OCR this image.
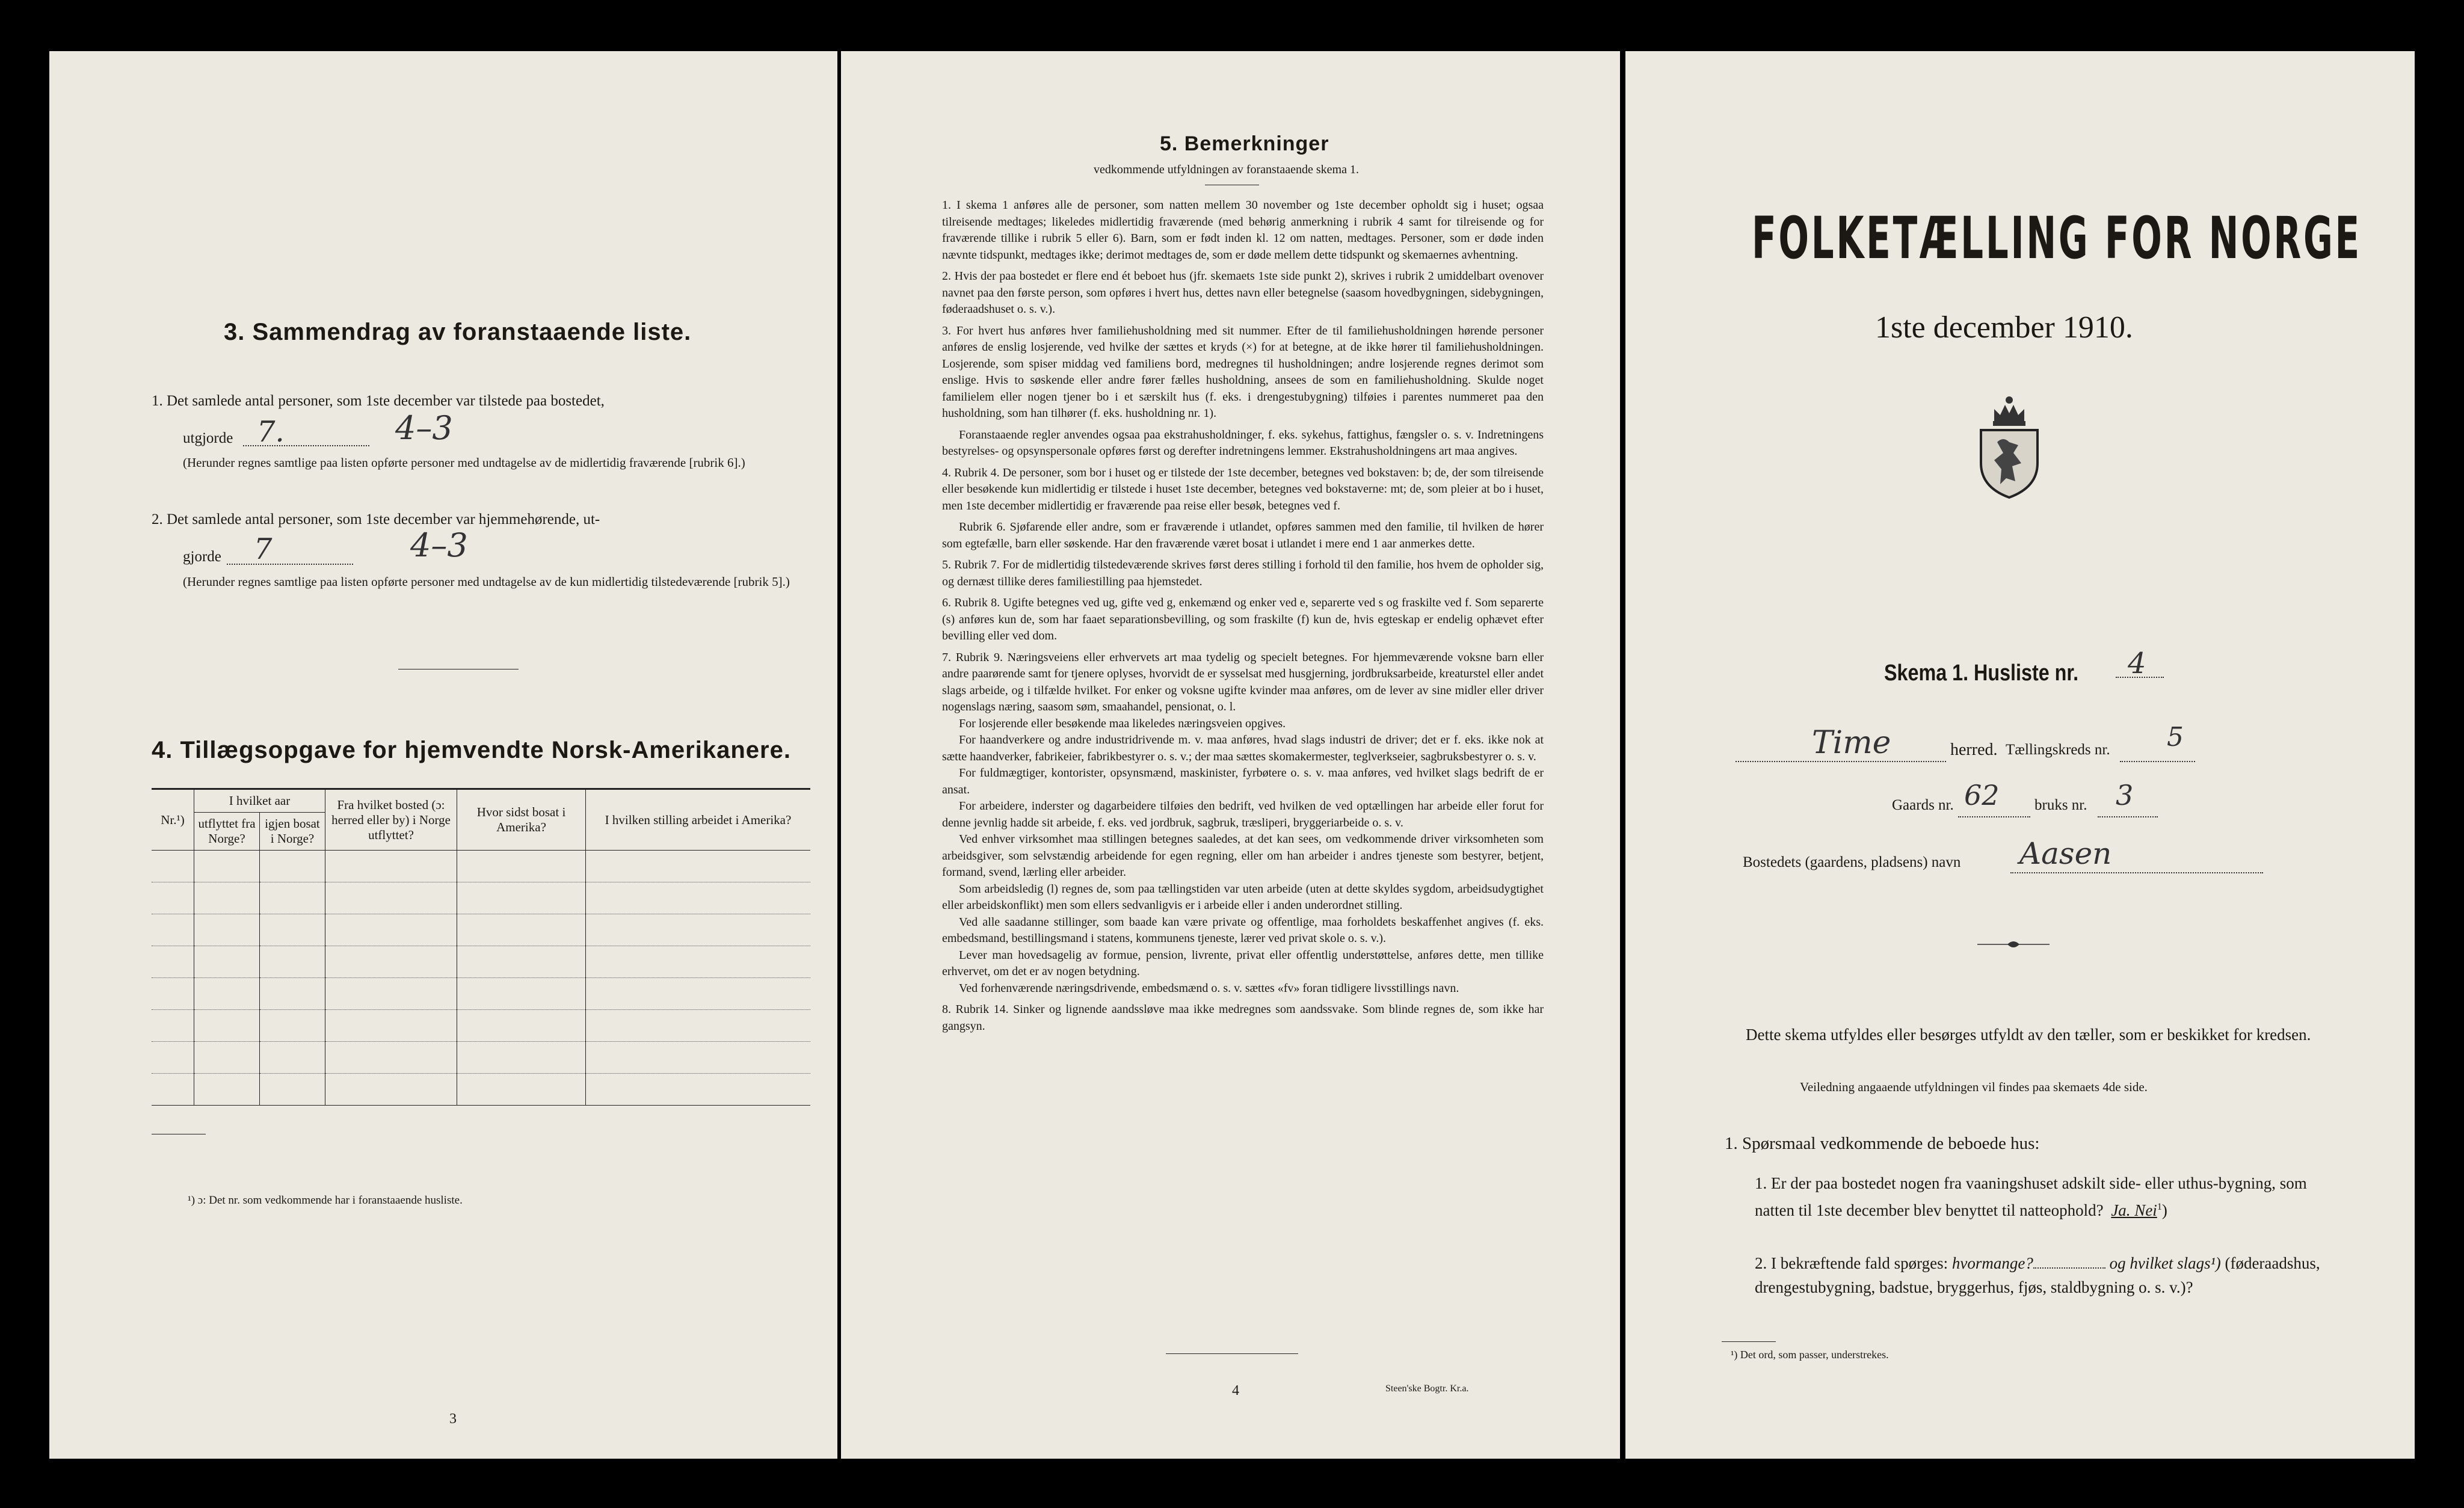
3. Sammendrag av foranstaaende liste.
1. Det samlede antal personer, som 1ste december var tilstede paa bostedet,
utgjorde 7.	4–3
(Herunder regnes samtlige paa listen opførte personer med undtagelse av de midlertidig fraværende [rubrik 6].)
2. Det samlede antal personer, som 1ste december var hjemmehørende, ut-
gjorde 7	4–3
(Herunder regnes samtlige paa listen opførte personer med undtagelse av de kun midlertidig tilstedeværende [rubrik 5].)
4. Tillægsopgave for hjemvendte Norsk-Amerikanere.
Nr.¹)	I hvilket aar		Fra hvilket bosted (ɔ: herred eller by) i Norge utflyttet?	Hvor sidst bosat i Amerika?	I hvilken stilling arbeidet i Amerika?
	utflyttet fra Norge?	igjen bosat i Norge?			

¹) ɔ: Det nr. som vedkommende har i foranstaaende husliste.
3
5. Bemerkninger
vedkommende utfyldningen av foranstaaende skema 1.

1. I skema 1 anføres alle de personer, som natten mellem 30 november og 1ste december opholdt sig i huset; ogsaa tilreisende medtages; likeledes midlertidig fraværende (med behørig anmerkning i rubrik 4 samt for tilreisende og for fraværende tillike i rubrik 5 eller 6). Barn, som er født inden kl. 12 om natten, medtages. Personer, som er døde inden nævnte tidspunkt, medtages ikke; derimot medtages de, som er døde mellem dette tidspunkt og skemaernes avhentning.

2. Hvis der paa bostedet er flere end ét beboet hus (jfr. skemaets 1ste side punkt 2), skrives i rubrik 2 umiddelbart ovenover navnet paa den første person, som opføres i hvert hus, dettes navn eller betegnelse (saasom hovedbygningen, sidebygningen, føderaadshuset o. s. v.).

3. For hvert hus anføres hver familiehusholdning med sit nummer. Efter de til familiehusholdningen hørende personer anføres de enslig losjerende, ved hvilke der sættes et kryds (×) for at betegne, at de ikke hører til familiehusholdningen. Losjerende, som spiser middag ved familiens bord, medregnes til husholdningen; andre losjerende regnes derimot som enslige. Hvis to søskende eller andre fører fælles husholdning, ansees de som en familiehusholdning. Skulde noget familielem eller nogen tjener bo i et særskilt hus (f. eks. i drengestubygning) tilføies i parentes nummeret paa den husholdning, som han tilhører (f. eks. husholdning nr. 1).

Foranstaaende regler anvendes ogsaa paa ekstrahusholdninger, f. eks. sykehus, fattighus, fængsler o. s. v. Indretningens bestyrelses- og opsynspersonale opføres først og derefter indretningens lemmer. Ekstrahusholdningens art maa angives.

4. Rubrik 4. De personer, som bor i huset og er tilstede der 1ste december, betegnes ved bokstaven: b; de, der som tilreisende eller besøkende kun midlertidig er tilstede i huset 1ste december, betegnes ved bokstaverne: mt; de, som pleier at bo i huset, men 1ste december midlertidig er fraværende paa reise eller besøk, betegnes ved f.

Rubrik 6. Sjøfarende eller andre, som er fraværende i utlandet, opføres sammen med den familie, til hvilken de hører som egtefælle, barn eller søskende. Har den fraværende været bosat i utlandet i mere end 1 aar anmerkes dette.

5. Rubrik 7. For de midlertidig tilstedeværende skrives først deres stilling i forhold til den familie, hos hvem de opholder sig, og dernæst tillike deres familiestilling paa hjemstedet.

6. Rubrik 8. Ugifte betegnes ved ug, gifte ved g, enkemænd og enker ved e, separerte ved s og fraskilte ved f. Som separerte (s) anføres kun de, som har faaet separationsbevilling, og som fraskilte (f) kun de, hvis egteskap er endelig ophævet efter bevilling eller ved dom.

7. Rubrik 9. Næringsveiens eller erhvervets art maa tydelig og specielt betegnes. For hjemmeværende voksne barn eller andre paarørende samt for tjenere oplyses, hvorvidt de er sysselsat med husgjerning, jordbruksarbeide, kreaturstel eller andet slags arbeide, og i tilfælde hvilket. For enker og voksne ugifte kvinder maa anføres, om de lever av sine midler eller driver nogenslags næring, saasom søm, smaahandel, pensionat, o. l.

For losjerende eller besøkende maa likeledes næringsveien opgives.

For haandverkere og andre industridrivende m. v. maa anføres, hvad slags industri de driver; det er f. eks. ikke nok at sætte haandverker, fabrikeier, fabrikbestyrer o. s. v.; der maa sættes skomakermester, teglverkseier, sagbruksbestyrer o. s. v.

For fuldmægtiger, kontorister, opsynsmænd, maskinister, fyrbøtere o. s. v. maa anføres, ved hvilket slags bedrift de er ansat.

For arbeidere, inderster og dagarbeidere tilføies den bedrift, ved hvilken de ved optællingen har arbeide eller forut for denne jevnlig hadde sit arbeide, f. eks. ved jordbruk, sagbruk, træsliperi, bryggeriarbeide o. s. v.

Ved enhver virksomhet maa stillingen betegnes saaledes, at det kan sees, om vedkommende driver virksomheten som arbeidsgiver, som selvstændig arbeidende for egen regning, eller om han arbeider i andres tjeneste som bestyrer, betjent, formand, svend, lærling eller arbeider.

Som arbeidsledig (l) regnes de, som paa tællingstiden var uten arbeide (uten at dette skyldes sygdom, arbeidsudygtighet eller arbeidskonflikt) men som ellers sedvanligvis er i arbeide eller i anden underordnet stilling.

Ved alle saadanne stillinger, som baade kan være private og offentlige, maa forholdets beskaffenhet angives (f. eks. embedsmand, bestillingsmand i statens, kommunens tjeneste, lærer ved privat skole o. s. v.).

Lever man hovedsagelig av formue, pension, livrente, privat eller offentlig understøttelse, anføres dette, men tillike erhvervet, om det er av nogen betydning.

Ved forhenværende næringsdrivende, embedsmænd o. s. v. sættes «fv» foran tidligere livsstillings navn.

8. Rubrik 14. Sinker og lignende aandssløve maa ikke medregnes som aandssvake. Som blinde regnes de, som ikke har gangsyn.

4	Steen'ske Bogtr. Kr.a.
FOLKETÆLLING FOR NORGE
1ste december 1910.
Skema 1. Husliste nr. 4
Time	herred. Tællingskreds nr. 5
Gaards nr. 62 bruks nr. 3
Bostedets (gaardens, pladsens) navn Aasen
Dette skema utfyldes eller besørges utfyldt av den tæller, som er beskikket for kredsen.
Veiledning angaaende utfyldningen vil findes paa skemaets 4de side.
1. Spørsmaal vedkommende de beboede hus:
1. Er der paa bostedet nogen fra vaaningshuset adskilt side- eller uthus-bygning, som natten til 1ste december blev benyttet til natteophold? Ja. Nei$^1$)
2. I bekræftende fald spørges: hvormange?	og hvilket slags¹) (føderaadshus, drengestubygning, badstue, bryggerhus, fjøs, staldbygning o. s. v.)?
¹) Det ord, som passer, understrekes.
